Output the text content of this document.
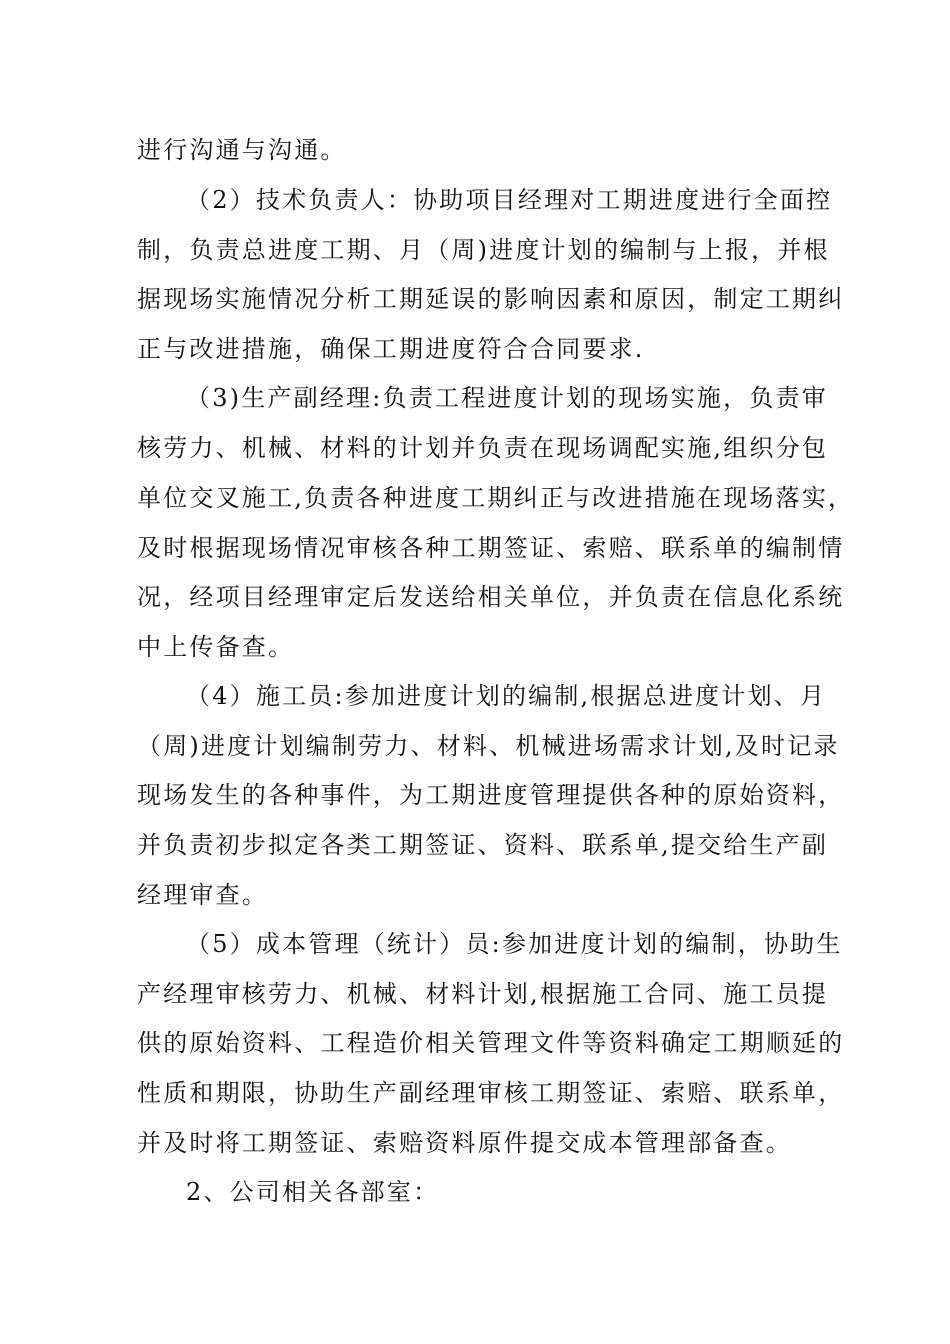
进行沟通与沟通。
（2）技术负责人：协助项目经理对工期进度进行全面控
制，负责总进度工期、月（周)进度计划的编制与上报，并根
据现场实施情况分析工期延误的影响因素和原因，制定工期纠
正与改进措施，确保工期进度符合合同要求.
（3)生产副经理:负责工程进度计划的现场实施，负责审
核劳力、机械、材料的计划并负责在现场调配实施,组织分包
单位交叉施工,负责各种进度工期纠正与改进措施在现场落实，
及时根据现场情况审核各种工期签证、索赔、联系单的编制情
况，经项目经理审定后发送给相关单位，并负责在信息化系统
中上传备查。
（4）施工员:参加进度计划的编制,根据总进度计划、月
（周)进度计划编制劳力、材料、机械进场需求计划,及时记录
现场发生的各种事件，为工期进度管理提供各种的原始资料，
并负责初步拟定各类工期签证、资料、联系单,提交给生产副
经理审查。
（5）成本管理（统计）员:参加进度计划的编制，协助生
产经理审核劳力、机械、材料计划,根据施工合同、施工员提
供的原始资料、工程造价相关管理文件等资料确定工期顺延的
性质和期限，协助生产副经理审核工期签证、索赔、联系单，
并及时将工期签证、索赔资料原件提交成本管理部备查。
2、公司相关各部室：
